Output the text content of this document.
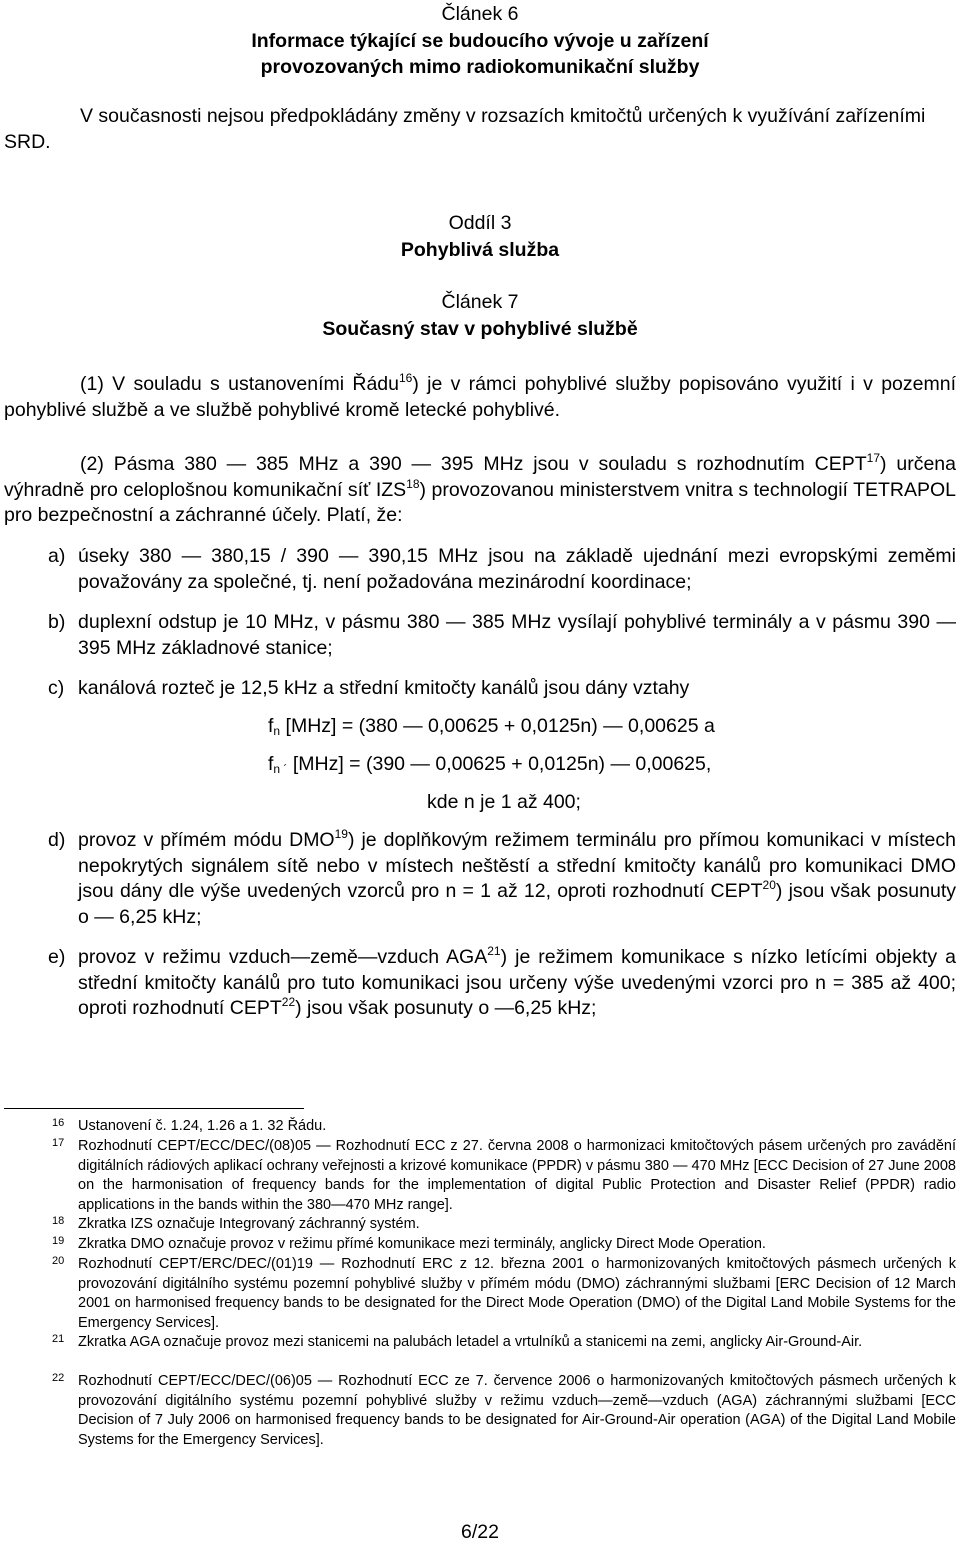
Článek 6
Informace týkající se budoucího vývoje u zařízení
provozovaných mimo radiokomunikační služby
V současnosti nejsou předpokládány změny v rozsazích kmitočtů určených k využívání zařízeními SRD.
Oddíl 3
Pohyblivá služba
Článek 7
Současný stav v pohyblivé službě
(1) V souladu s ustanoveními Řádu$^{16}$) je v rámci pohyblivé služby popisováno využití i v pozemní pohyblivé službě a ve službě pohyblivé kromě letecké pohyblivé.
(2) Pásma 380 — 385 MHz a 390 — 395 MHz jsou v souladu s rozhodnutím CEPT$^{17}$) určena výhradně pro celoplošnou komunikační síť IZS$^{18}$) provozovanou ministerstvem vnitra s technologií TETRAPOL pro bezpečnostní a záchranné účely. Platí, že:
a) úseky 380 — 380,15 / 390 — 390,15 MHz jsou na základě ujednání mezi evropskými zeměmi považovány za společné, tj. není požadována mezinárodní koordinace;
b) duplexní odstup je 10 MHz, v pásmu 380 — 385 MHz vysílají pohyblivé terminály a v pásmu 390 — 395 MHz základnové stanice;
c) kanálová rozteč je 12,5 kHz a střední kmitočty kanálů jsou dány vztahy
$f_n$ [MHz] = (380 — 0,00625 + 0,0125n) — 0,00625 a
$f_{n ´}$ [MHz] = (390 — 0,00625 + 0,0125n) — 0,00625,
kde n je 1 až 400;
d) provoz v přímém módu DMO$^{19}$) je doplňkovým režimem terminálu pro přímou komunikaci v místech nepokrytých signálem sítě nebo v místech neštěstí a střední kmitočty kanálů pro komunikaci DMO jsou dány dle výše uvedených vzorců pro n = 1 až 12, oproti rozhodnutí CEPT$^{20}$) jsou však posunuty o — 6,25 kHz;
e) provoz v režimu vzduch—země—vzduch AGA$^{21}$) je režimem komunikace s nízko letícími objekty a střední kmitočty kanálů pro tuto komunikaci jsou určeny výše uvedenými vzorci pro n = 385 až 400; oproti rozhodnutí CEPT$^{22}$) jsou však posunuty o —6,25 kHz;
16 Ustanovení č. 1.24, 1.26 a 1. 32 Řádu.
17 Rozhodnutí CEPT/ECC/DEC/(08)05 — Rozhodnutí ECC z 27. června 2008 o harmonizaci kmitočtových pásem určených pro zavádění digitálních rádiových aplikací ochrany veřejnosti a krizové komunikace (PPDR) v pásmu 380 — 470 MHz [ECC Decision of 27 June 2008 on the harmonisation of frequency bands for the implementation of digital Public Protection and Disaster Relief (PPDR) radio applications in the bands within the 380—470 MHz range].
18 Zkratka IZS označuje Integrovaný záchranný systém.
19 Zkratka DMO označuje provoz v režimu přímé komunikace mezi terminály, anglicky Direct Mode Operation.
20 Rozhodnutí CEPT/ERC/DEC/(01)19 — Rozhodnutí ERC z 12. března 2001 o harmonizovaných kmitočtových pásmech určených k provozování digitálního systému pozemní pohyblivé služby v přímém módu (DMO) záchrannými službami [ERC Decision of 12 March 2001 on harmonised frequency bands to be designated for the Direct Mode Operation (DMO) of the Digital Land Mobile Systems for the Emergency Services].
21 Zkratka AGA označuje provoz mezi stanicemi na palubách letadel a vrtulníků a stanicemi na zemi, anglicky Air-Ground-Air.
22 Rozhodnutí CEPT/ECC/DEC/(06)05 — Rozhodnutí ECC ze 7. července 2006 o harmonizovaných kmitočtových pásmech určených k provozování digitálního systému pozemní pohyblivé služby v režimu vzduch—země—vzduch (AGA) záchrannými službami [ECC Decision of 7 July 2006 on harmonised frequency bands to be designated for Air-Ground-Air operation (AGA) of the Digital Land Mobile Systems for the Emergency Services].
6/22
